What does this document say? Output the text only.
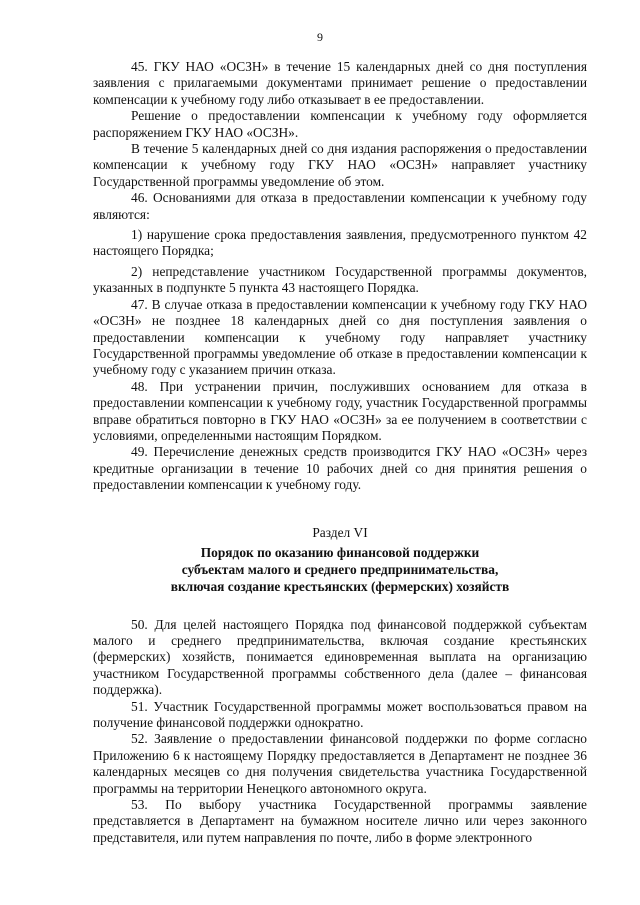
9

45. ГКУ НАО «ОСЗН» в течение 15 календарных дней со дня поступления заявления с прилагаемыми документами принимает решение о предоставлении компенсации к учебному году либо отказывает в ее предоставлении.

Решение о предоставлении компенсации к учебному году оформляется распоряжением ГКУ НАО «ОСЗН».

В течение 5 календарных дней со дня издания распоряжения о предоставлении компенсации к учебному году ГКУ НАО «ОСЗН» направляет участнику Государственной программы уведомление об этом.

46. Основаниями для отказа в предоставлении компенсации к учебному году являются:

1) нарушение срока предоставления заявления, предусмотренного пунктом 42 настоящего Порядка;

2) непредставление участником Государственной программы документов, указанных в подпункте 5 пункта 43 настоящего Порядка.

47. В случае отказа в предоставлении компенсации к учебному году ГКУ НАО «ОСЗН» не позднее 18 календарных дней со дня поступления заявления о предоставлении компенсации к учебному году направляет участнику Государственной программы уведомление об отказе в предоставлении компенсации к учебному году с указанием причин отказа.

48. При устранении причин, послуживших основанием для отказа в предоставлении компенсации к учебному году, участник Государственной программы вправе обратиться повторно в ГКУ НАО «ОСЗН» за ее получением в соответствии с условиями, определенными настоящим Порядком.

49. Перечисление денежных средств производится ГКУ НАО «ОСЗН» через кредитные организации в течение 10 рабочих дней со дня принятия решения о предоставлении компенсации к учебному году.

Раздел VI
Порядок по оказанию финансовой поддержки
субъектам малого и среднего предпринимательства,
включая создание крестьянских (фермерских) хозяйств

50. Для целей настоящего Порядка под финансовой поддержкой субъектам малого и среднего предпринимательства, включая создание крестьянских (фермерских) хозяйств, понимается единовременная выплата на организацию участником Государственной программы собственного дела (далее – финансовая поддержка).

51. Участник Государственной программы может воспользоваться правом на получение финансовой поддержки однократно.

52. Заявление о предоставлении финансовой поддержки по форме согласно Приложению 6 к настоящему Порядку предоставляется в Департамент не позднее 36 календарных месяцев со дня получения свидетельства участника Государственной программы на территории Ненецкого автономного округа.

53. По выбору участника Государственной программы заявление представляется в Департамент на бумажном носителе лично или через законного представителя, или путем направления по почте, либо в форме электронного
